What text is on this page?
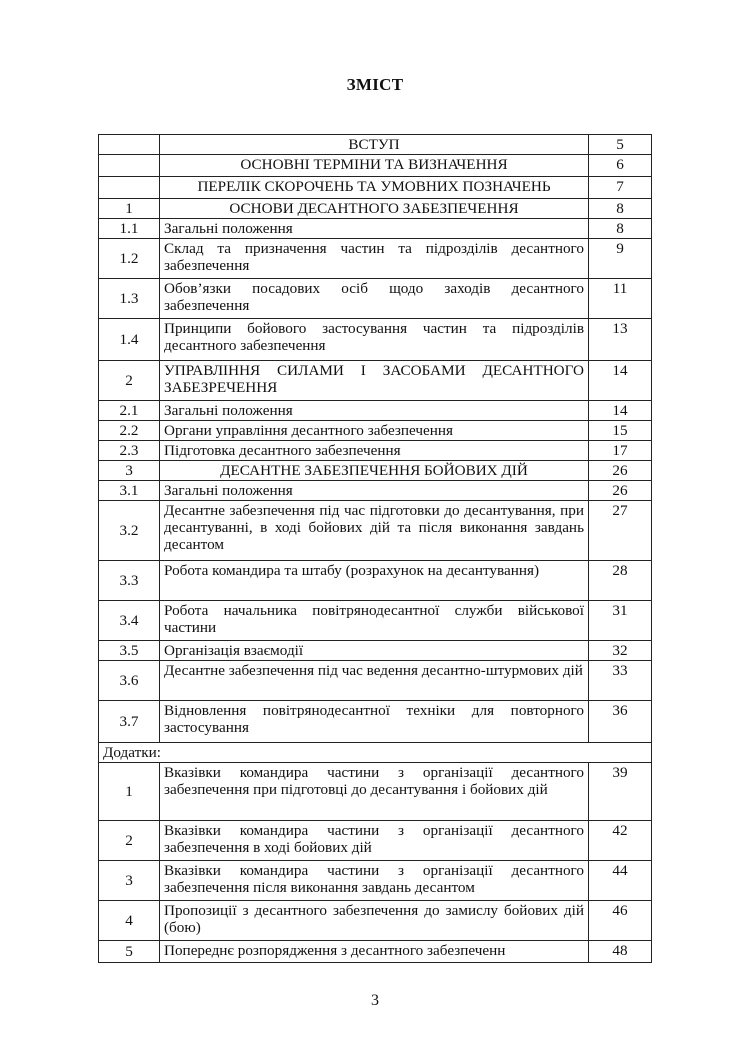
ЗМІСТ
	ВСТУП	5
	ОСНОВНІ ТЕРМІНИ ТА ВИЗНАЧЕННЯ	6
	ПЕРЕЛІК СКОРОЧЕНЬ ТА УМОВНИХ ПОЗНАЧЕНЬ	7
1	ОСНОВИ ДЕСАНТНОГО ЗАБЕЗПЕЧЕННЯ	8
1.1	Загальні положення	8
1.2	Склад та призначення частин та підрозділів десантного забезпечення	9
1.3	Обов’язки посадових осіб щодо заходів десантного забезпечення	11
1.4	Принципи бойового застосування частин та підрозділів десантного забезпечення	13
2	УПРАВЛІННЯ СИЛАМИ І ЗАСОБАМИ ДЕСАНТНОГО ЗАБЕЗРЕЧЕННЯ	14
2.1	Загальні положення	14
2.2	Органи управління десантного забезпечення	15
2.3	Підготовка десантного забезпечення	17
3	ДЕСАНТНЕ ЗАБЕЗПЕЧЕННЯ БОЙОВИХ ДІЙ	26
3.1	Загальні положення	26
3.2	Десантне забезпечення під час підготовки до десантування, при десантуванні, в ході бойових дій та після виконання завдань десантом	27
3.3	Робота командира та штабу (розрахунок на десантування)	28
3.4	Робота начальника повітрянодесантної служби військової частини	31
3.5	Організація взаємодії	32
3.6	Десантне забезпечення під час ведення десантно-штурмових дій	33
3.7	Відновлення повітрянодесантної техніки для повторного застосування	36
Додатки:		
1	Вказівки командира частини з організації десантного забезпечення при підготовці до десантування і бойових дій	39
2	Вказівки командира частини з організації десантного забезпечення в ході бойових дій	42
3	Вказівки командира частини з організації десантного забезпечення після виконання завдань десантом	44
4	Пропозиції з десантного забезпечення до замислу бойових дій (бою)	46
5	Попереднє розпорядження з десантного забезпеченн	48
3
